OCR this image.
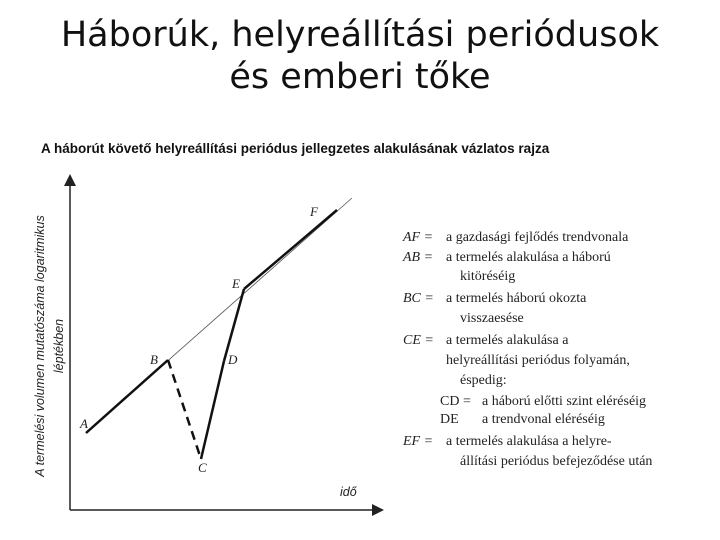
Háborúk, helyreállítási periódusok
és emberi tőke
A háborút követő helyreállítási periódus jellegzetes alakulásának vázlatos rajza
A termelési volumen mutatószáma logaritmikus léptékben
idő
A
B
C
D
E
F
AF = a gazdasági fejlődés trendvonala
AB = a termelés alakulása a háború
kitöréséig
BC = a termelés háború okozta
visszaesése
CE = a termelés alakulása a
helyreállítási periódus folyamán,
éspedig:
CD = a háború előtti szint eléréséig
DE a trendvonal eléréséig
EF = a termelés alakulása a helyre-
állítási periódus befejeződése után
